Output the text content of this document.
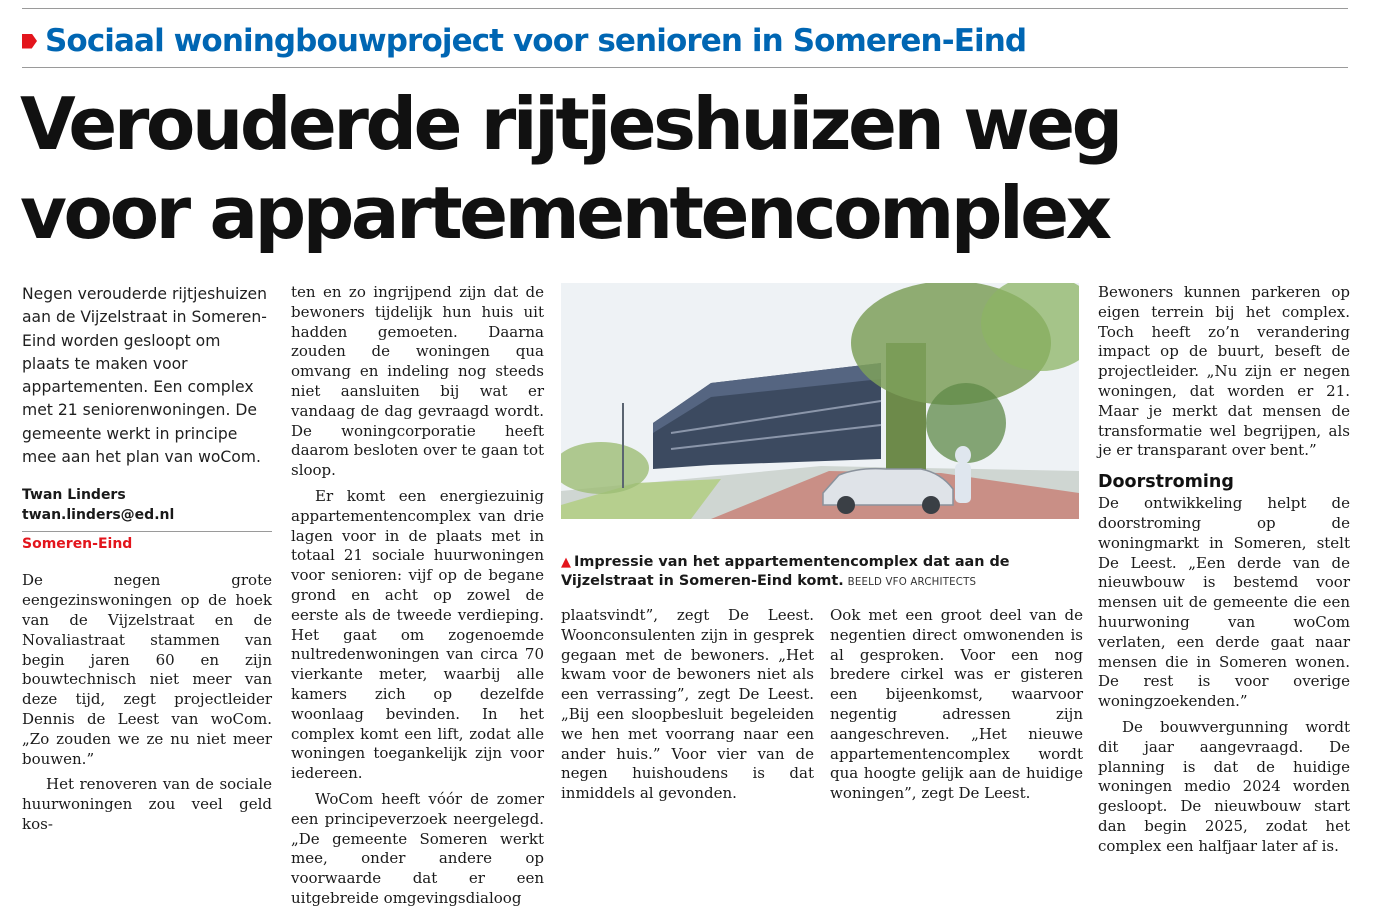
Sociaal woningbouwproject voor senioren in Someren-Eind
Verouderde rijtjeshuizen weg
voor appartementencomplex

Negen verouderde rijtjeshuizen aan de Vijzelstraat in Someren-Eind worden gesloopt om plaats te maken voor appartementen. Een complex met 21 seniorenwoningen. De gemeente werkt in principe mee aan het plan van woCom.

Twan Linders
twan.linders@ed.nl
Someren-Eind

De negen grote eengezinswoningen op de hoek van de Vijzelstraat en de Novaliastraat stammen van begin jaren 60 en zijn bouwtechnisch niet meer van deze tijd, zegt projectleider Dennis de Leest van woCom. „Zo zouden we ze nu niet meer bouwen.”

Het renoveren van de sociale huurwoningen zou veel geld kos-

ten en zo ingrijpend zijn dat de bewoners tijdelijk hun huis uit hadden gemoeten. Daarna zouden de woningen qua omvang en indeling nog steeds niet aansluiten bij wat er vandaag de dag gevraagd wordt. De woningcorporatie heeft daarom besloten over te gaan tot sloop.

Er komt een energiezuinig appartementencomplex van drie lagen voor in de plaats met in totaal 21 sociale huurwoningen voor senioren: vijf op de begane grond en acht op zowel de eerste als de tweede verdieping. Het gaat om zogenoemde nultredenwoningen van circa 70 vierkante meter, waarbij alle kamers zich op dezelfde woonlaag bevinden. In het complex komt een lift, zodat alle woningen toegankelijk zijn voor iedereen.

WoCom heeft vóór de zomer een principeverzoek neergelegd. „De gemeente Someren werkt mee, onder andere op voorwaarde dat er een uitgebreide omgevingsdialoog

▲ Impressie van het appartementencomplex dat aan de Vijzelstraat in Someren-Eind komt. BEELD VFO ARCHITECTS

plaatsvindt”, zegt De Leest. Woonconsulenten zijn in gesprek gegaan met de bewoners. „Het kwam voor de bewoners niet als een verrassing”, zegt De Leest. „Bij een sloopbesluit begeleiden we hen met voorrang naar een ander huis.” Voor vier van de negen huishoudens is dat inmiddels al gevonden.

Ook met een groot deel van de negentien direct omwonenden is al gesproken. Voor een nog bredere cirkel was er gisteren een bijeenkomst, waarvoor negentig adressen zijn aangeschreven. „Het nieuwe appartementencomplex wordt qua hoogte gelijk aan de huidige woningen”, zegt De Leest.

Bewoners kunnen parkeren op eigen terrein bij het complex. Toch heeft zo’n verandering impact op de buurt, beseft de projectleider. „Nu zijn er negen woningen, dat worden er 21. Maar je merkt dat mensen de transformatie wel begrijpen, als je er transparant over bent.”

Doorstroming

De ontwikkeling helpt de doorstroming op de woningmarkt in Someren, stelt De Leest. „Een derde van de nieuwbouw is bestemd voor mensen uit de gemeente die een huurwoning van woCom verlaten, een derde gaat naar mensen die in Someren wonen. De rest is voor overige woningzoekenden.”

De bouwvergunning wordt dit jaar aangevraagd. De planning is dat de huidige woningen medio 2024 worden gesloopt. De nieuwbouw start dan begin 2025, zodat het complex een halfjaar later af is.
